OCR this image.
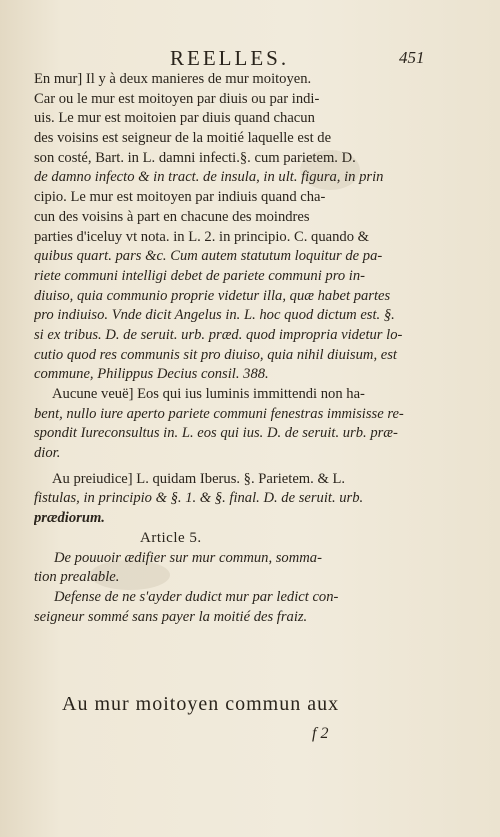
REELLES.	451
En mur] Il y à deux manieres de mur moitoyen.
Car ou le mur est moitoyen par diuis ou par indi-
uis. Le mur est moitoien par diuis quand chacun
des voisins est seigneur de la moitié laquelle est de
son costé, Bart. in L. damni infecti.§. cum parietem. D.
de damno infecto & in tract. de insula, in ult. figura, in prin
cipio. Le mur est moitoyen par indiuis quand cha-
cun des voisins à part en chacune des moindres
parties d'iceluy vt nota. in L. 2. in principio. C. quando &
quibus quart. pars &c. Cum autem statutum loquitur de pa-
riete communi intelligi debet de pariete communi pro in-
diuiso, quia communio proprie videtur illa, quæ habet partes
pro indiuiso. Vnde dicit Angelus in. L. hoc quod dictum est. §.
si ex tribus. D. de seruit. urb. præd. quod impropria videtur lo-
cutio quod res communis sit pro diuiso, quia nihil diuisum, est
commune, Philippus Decius consil. 388.
Aucune veuë] Eos qui ius luminis immittendi non ha-
bent, nullo iure aperto pariete communi fenestras immisisse re-
spondit Iureconsultus in. L. eos qui ius. D. de seruit. urb. præ-
dior.
Au preiudice] L. quidam Iberus. §. Parietem. & L.
fistulas, in principio & §. 1. & §. final. D. de seruit. urb.
prædiorum.
Article 5.
De pouuoir ædifier sur mur commun, somma-
tion prealable.
Defense de ne s'ayder dudict mur par ledict con-
seigneur sommé sans payer la moitié des fraiz.
Au mur moitoyen commun aux
f 2
